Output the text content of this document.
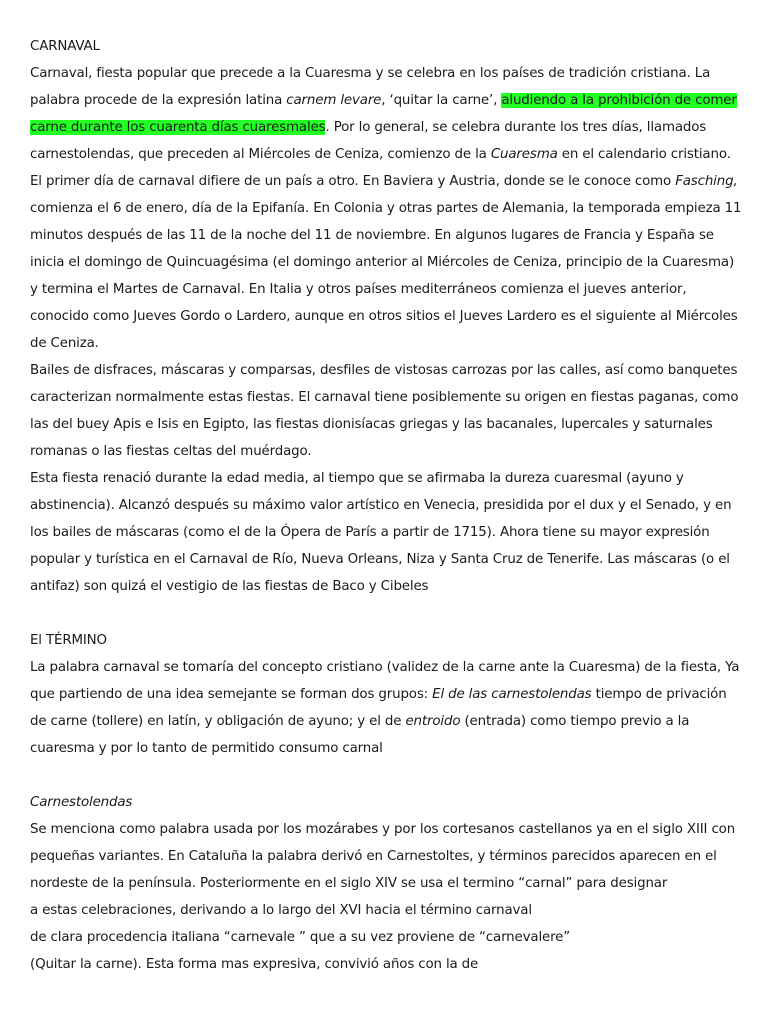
CARNAVAL
Carnaval, fiesta popular que precede a la Cuaresma y se celebra en los países de tradición cristiana. La palabra procede de la expresión latina carnem levare, ‘quitar la carne’, aludiendo a la prohibición de comer carne durante los cuarenta días cuaresmales. Por lo general, se celebra durante los tres días, llamados carnestolendas, que preceden al Miércoles de Ceniza, comienzo de la Cuaresma en el calendario cristiano. El primer día de carnaval difiere de un país a otro. En Baviera y Austria, donde se le conoce como Fasching, comienza el 6 de enero, día de la Epifanía. En Colonia y otras partes de Alemania, la temporada empieza 11 minutos después de las 11 de la noche del 11 de noviembre. En algunos lugares de Francia y España se inicia el domingo de Quincuagésima (el domingo anterior al Miércoles de Ceniza, principio de la Cuaresma) y termina el Martes de Carnaval. En Italia y otros países mediterráneos comienza el jueves anterior, conocido como Jueves Gordo o Lardero, aunque en otros sitios el Jueves Lardero es el siguiente al Miércoles de Ceniza.
Bailes de disfraces, máscaras y comparsas, desfiles de vistosas carrozas por las calles, así como banquetes caracterizan normalmente estas fiestas. El carnaval tiene posiblemente su origen en fiestas paganas, como las del buey Apis e Isis en Egipto, las fiestas dionisíacas griegas y las bacanales, lupercales y saturnales romanas o las fiestas celtas del muérdago.
Esta fiesta renació durante la edad media, al tiempo que se afirmaba la dureza cuaresmal (ayuno y abstinencia). Alcanzó después su máximo valor artístico en Venecia, presidida por el dux y el Senado, y en los bailes de máscaras (como el de la Ópera de París a partir de 1715). Ahora tiene su mayor expresión popular y turística en el Carnaval de Río, Nueva Orleans, Niza y Santa Cruz de Tenerife. Las máscaras (o el antifaz) son quizá el vestigio de las fiestas de Baco y Cibeles
El TÉRMINO
La palabra carnaval se tomaría del concepto cristiano (validez de la carne ante la Cuaresma) de la fiesta, Ya que partiendo de una idea semejante se forman dos grupos: El de las carnestolendas tiempo de privación de carne (tollere) en latín, y obligación de ayuno; y el de entroido (entrada) como tiempo previo a la cuaresma y por lo tanto de permitido consumo carnal
Carnestolendas
Se menciona como palabra usada por los mozárabes y por los cortesanos castellanos ya en el siglo XIII con pequeñas variantes. En Cataluña la palabra derivó en Carnestoltes, y términos parecidos aparecen en el nordeste de la península. Posteriormente en el siglo XIV se usa el termino “carnal” para designar
a estas celebraciones, derivando a lo largo del XVI hacia el término carnaval
de clara procedencia italiana “carnevale ” que a su vez proviene de “carnevalere”
(Quitar la carne). Esta forma mas expresiva, convivió años con la de
